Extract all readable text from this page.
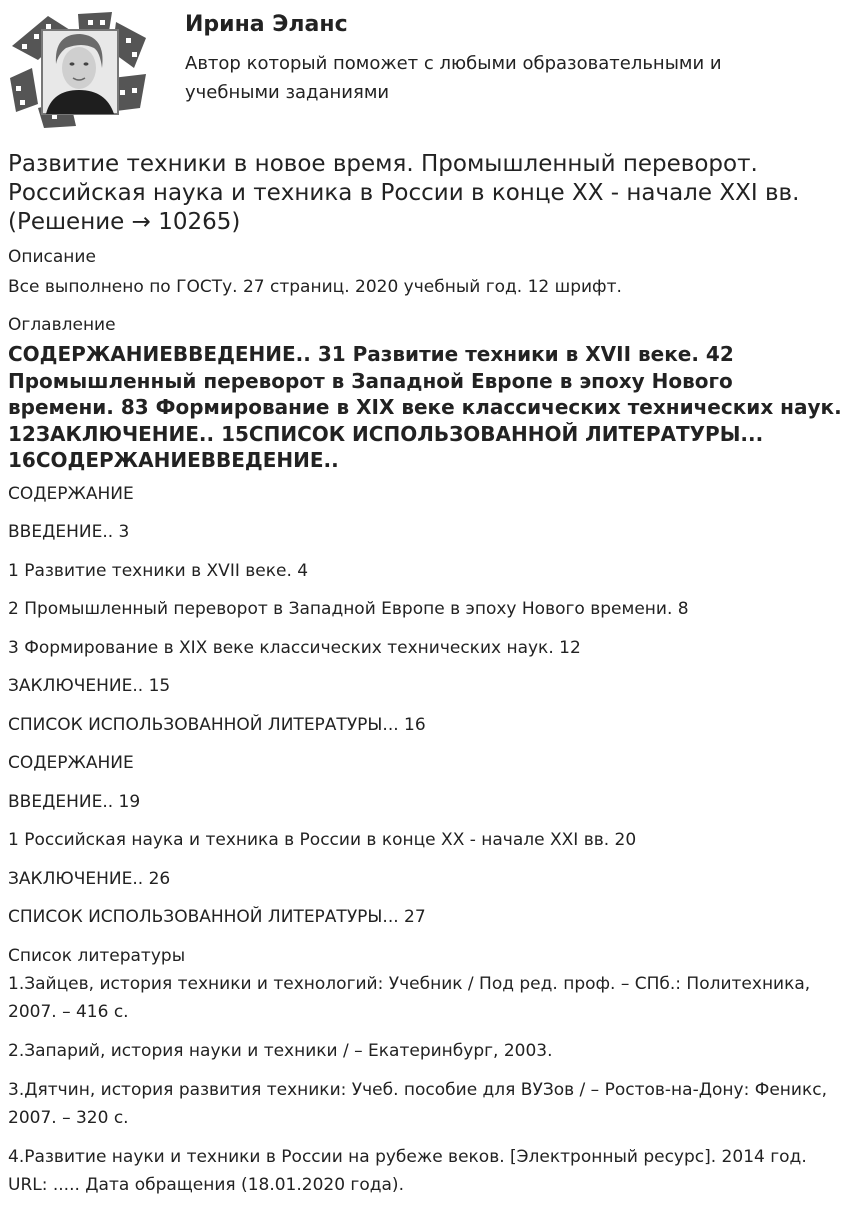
Ирина Эланс
Автор который поможет с любыми образовательными и учебными заданиями
Развитие техники в новое время. Промышленный переворот. Российская наука и техника в России в конце XX - начале XXI вв. (Решение → 10265)
Описание
Все выполнено по ГОСТу. 27 страниц. 2020 учебный год. 12 шрифт.
Оглавление
СОДЕРЖАНИЕВВЕДЕНИЕ.. 31 Развитие техники в XVII веке. 42 Промышленный переворот в Западной Европе в эпоху Нового времени. 83 Формирование в XIX веке классических технических наук. 12ЗАКЛЮЧЕНИЕ.. 15СПИСОК ИСПОЛЬЗОВАННОЙ ЛИТЕРАТУРЫ... 16СОДЕРЖАНИЕВВЕДЕНИЕ..
СОДЕРЖАНИЕ
ВВЕДЕНИЕ.. 3
1 Развитие техники в XVII веке. 4
2 Промышленный переворот в Западной Европе в эпоху Нового времени. 8
3 Формирование в XIX веке классических технических наук. 12
ЗАКЛЮЧЕНИЕ.. 15
СПИСОК ИСПОЛЬЗОВАННОЙ ЛИТЕРАТУРЫ... 16
СОДЕРЖАНИЕ
ВВЕДЕНИЕ.. 19
1 Российская наука и техника в России в конце XX - начале XXI вв. 20
ЗАКЛЮЧЕНИЕ.. 26
СПИСОК ИСПОЛЬЗОВАННОЙ ЛИТЕРАТУРЫ... 27
Список литературы
1.Зайцев, история техники и технологий: Учебник / Под ред. проф. – СПб.: Политехника, 2007. – 416 с.
2.Запарий, история науки и техники / – Екатеринбург, 2003.
3.Дятчин, история развития техники: Учеб. пособие для ВУЗов / – Ростов-на-Дону: Феникс, 2007. – 320 с.
4.Развитие науки и техники в России на рубеже веков. [Электронный ресурс]. 2014 год. URL: ..... Дата обращения (18.01.2020 года).
